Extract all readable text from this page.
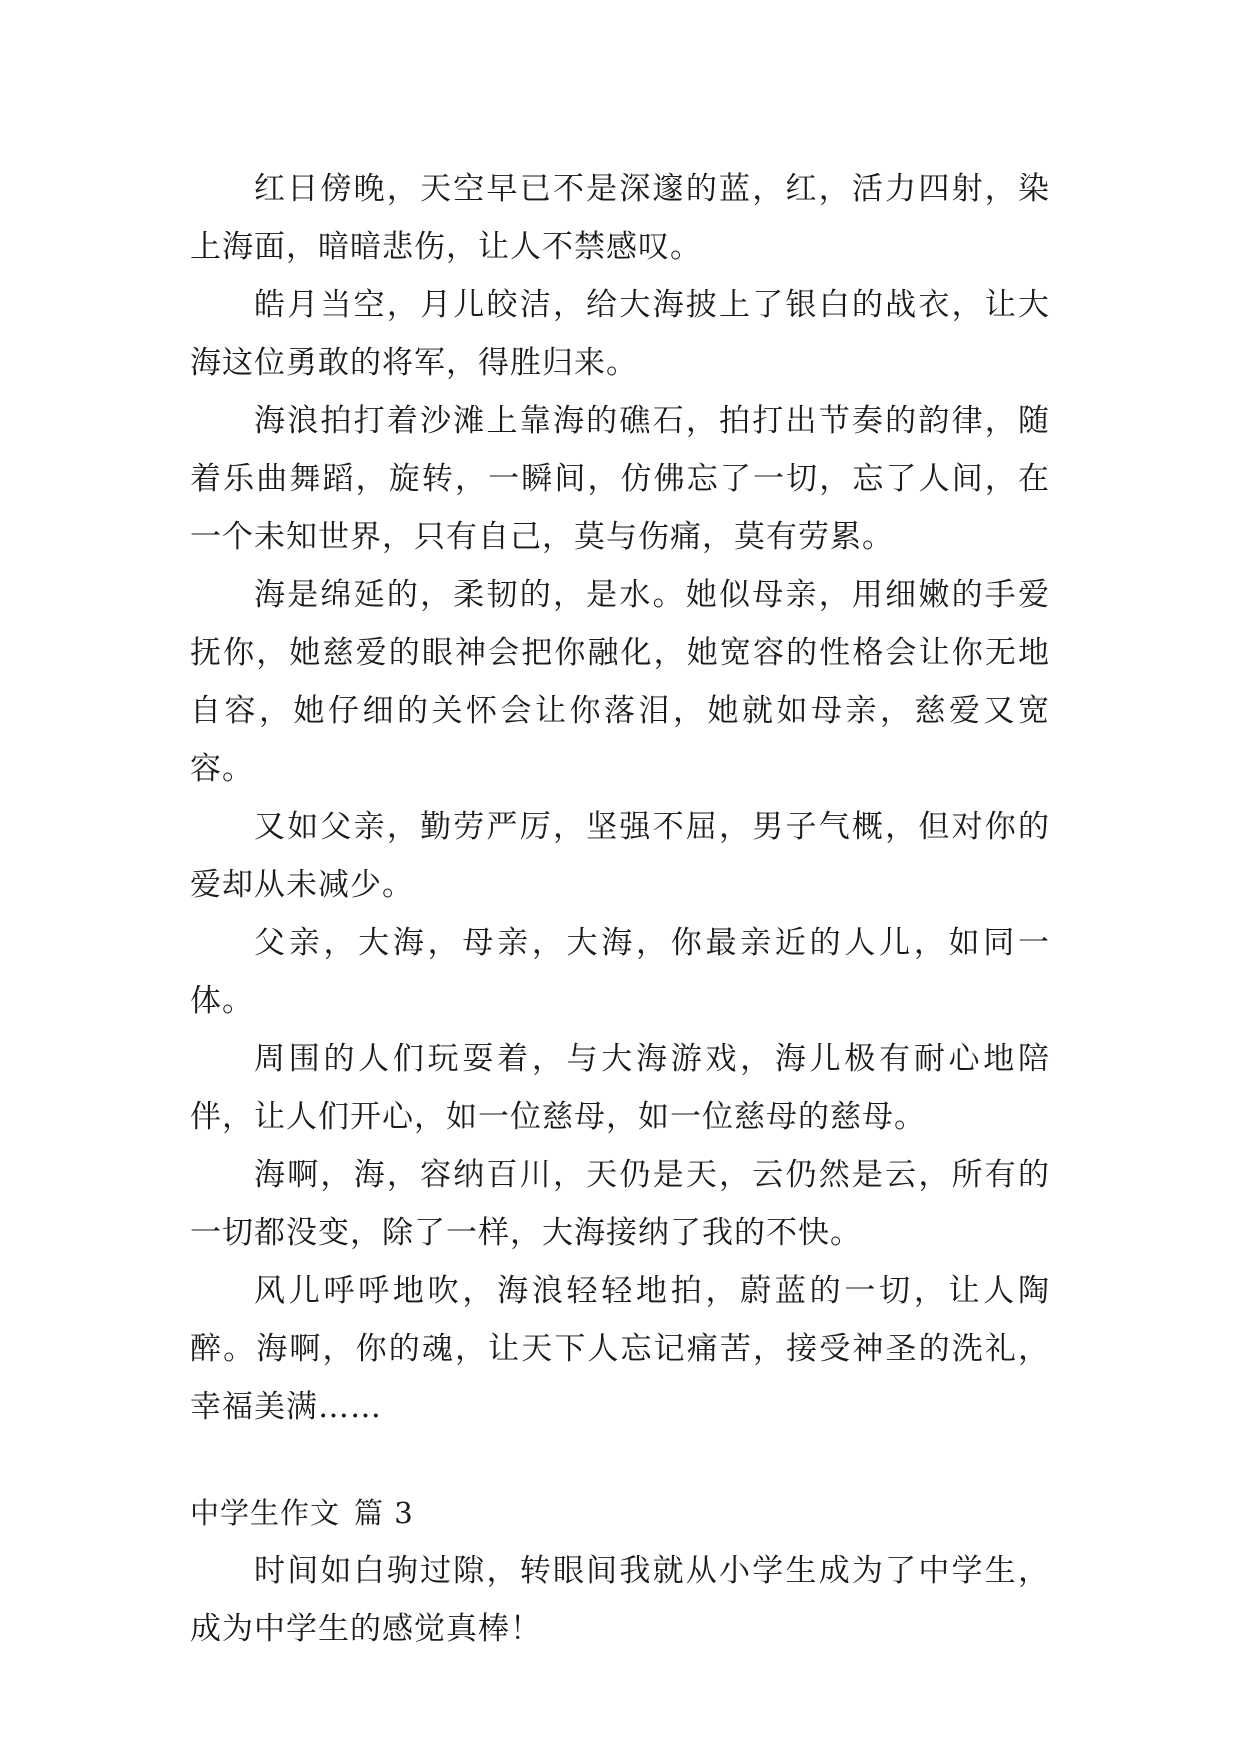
红日傍晚，天空早已不是深邃的蓝，红，活力四射，染上海面，暗暗悲伤，让人不禁感叹。

皓月当空，月儿皎洁，给大海披上了银白的战衣，让大海这位勇敢的将军，得胜归来。

海浪拍打着沙滩上靠海的礁石，拍打出节奏的韵律，随着乐曲舞蹈，旋转，一瞬间，仿佛忘了一切，忘了人间，在一个未知世界，只有自己，莫与伤痛，莫有劳累。

海是绵延的，柔韧的，是水。她似母亲，用细嫩的手爱抚你，她慈爱的眼神会把你融化，她宽容的性格会让你无地自容，她仔细的关怀会让你落泪，她就如母亲，慈爱又宽容。

又如父亲，勤劳严厉，坚强不屈，男子气概，但对你的爱却从未减少。

父亲，大海，母亲，大海，你最亲近的人儿，如同一体。

周围的人们玩耍着，与大海游戏，海儿极有耐心地陪伴，让人们开心，如一位慈母，如一位慈母的慈母。

海啊，海，容纳百川，天仍是天，云仍然是云，所有的一切都没变，除了一样，大海接纳了我的不快。

风儿呼呼地吹，海浪轻轻地拍，蔚蓝的一切，让人陶醉。海啊，你的魂，让天下人忘记痛苦，接受神圣的洗礼，幸福美满……

中学生作文 篇 3

时间如白驹过隙，转眼间我就从小学生成为了中学生，成为中学生的感觉真棒！
